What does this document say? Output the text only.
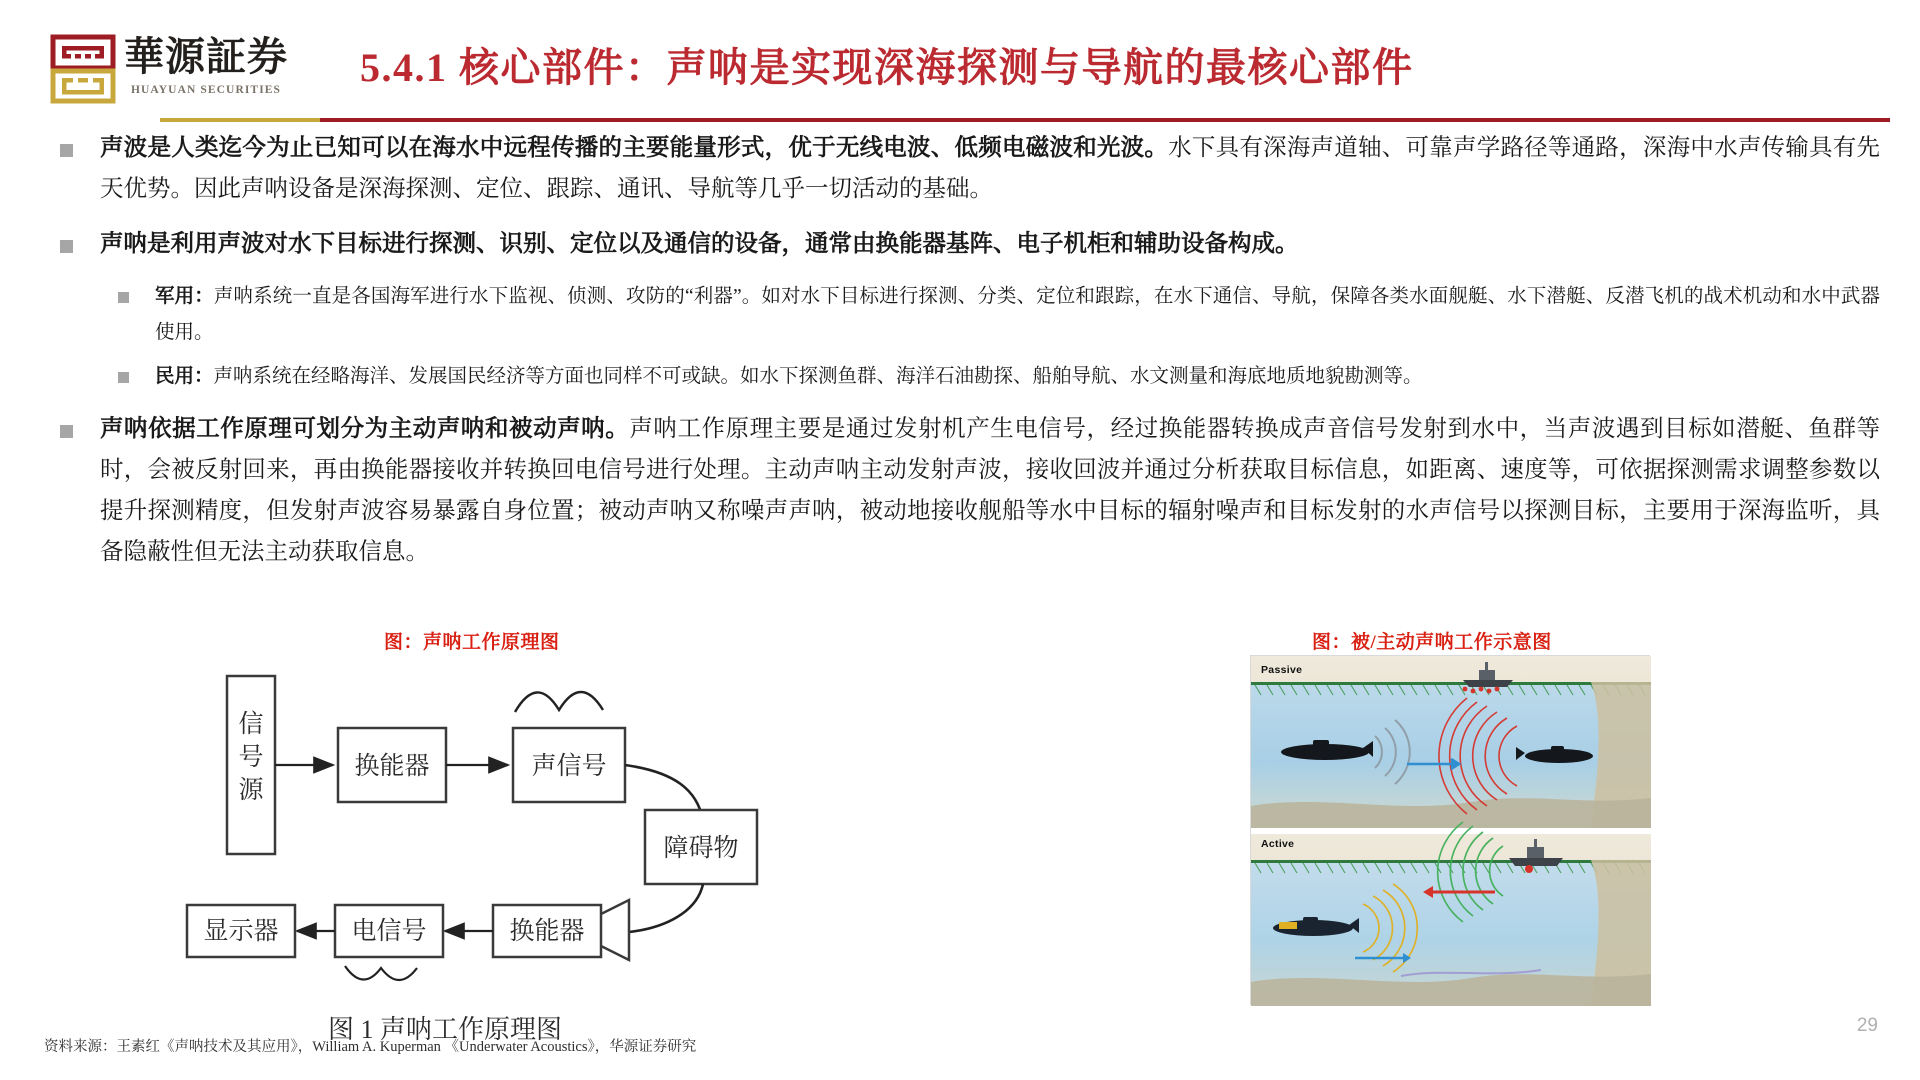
華源証券
HUAYUAN SECURITIES 5.4.1 核心部件：声呐是实现深海探测与导航的最核心部件
声波是人类迄今为止已知可以在海水中远程传播的主要能量形式，优于无线电波、低频电磁波和光波。水下具有深海声道轴、可靠声学路径等通路，深海中水声传输具有先天优势。因此声呐设备是深海探测、定位、跟踪、通讯、导航等几乎一切活动的基础。
声呐是利用声波对水下目标进行探测、识别、定位以及通信的设备，通常由换能器基阵、电子机柜和辅助设备构成。
军用：声呐系统一直是各国海军进行水下监视、侦测、攻防的“利器”。如对水下目标进行探测、分类、定位和跟踪，在水下通信、导航，保障各类水面舰艇、水下潜艇、反潜飞机的战术机动和水中武器使用。
民用：声呐系统在经略海洋、发展国民经济等方面也同样不可或缺。如水下探测鱼群、海洋石油勘探、船舶导航、水文测量和海底地质地貌勘测等。
声呐依据工作原理可划分为主动声呐和被动声呐。声呐工作原理主要是通过发射机产生电信号，经过换能器转换成声音信号发射到水中，当声波遇到目标如潜艇、鱼群等时，会被反射回来，再由换能器接收并转换回电信号进行处理。主动声呐主动发射声波，接收回波并通过分析获取目标信息，如距离、速度等，可依据探测需求调整参数以提升探测精度，但发射声波容易暴露自身位置；被动声呐又称噪声声呐，被动地接收舰船等水中目标的辐射噪声和目标发射的水声信号以探测目标，主要用于深海监听，具备隐蔽性但无法主动获取信息。
图：声呐工作原理图	图：被/主动声呐工作示意图
信
号
源
换能器	声信号
障碍物
换能器
电信号
显示器
图 1 声呐工作原理图
Passive
Active
资料来源：王素红《声呐技术及其应用》，William A. Kuperman 《Underwater Acoustics》，华源证券研究
29
